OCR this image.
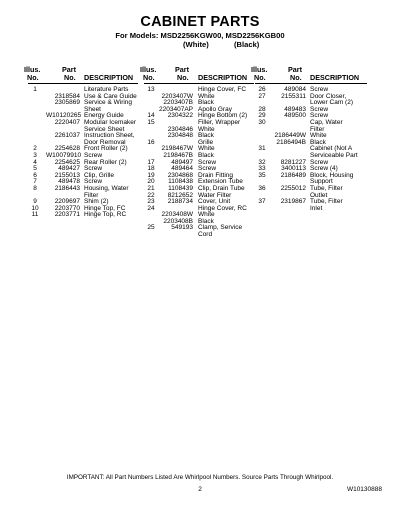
CABINET PARTS
For Models: MSD2256KGW00, MSD2256KGB00
(White)	(Black)
Illus.
No.
Part
No. DESCRIPTION
1	Literature Parts
2318584 Use & Care Guide
2305869 Service & Wiring
Sheet
W10120265 Energy Guide
2220407 Modular Icemaker
Service Sheet
2261037 Instruction Sheet,
Door Removal
2	2254628 Front Roller (2)
3	W10079910 Screw
4	2254625 Rear Roller (2)
5	489427 Screw
6	2155013 Clip, Grille
7	489478 Screw
8	2186443 Housing, Water
Filter
9	2209697 Shim (2)
10	2203770 Hinge Top, FC
11	2203771 Hinge Top, RC
Illus.
No.
Part
No. DESCRIPTION
13	Hinge Cover, FC
2203407W White
2203407B Black
2203407AP Apollo Gray
14	2304322 Hinge Bottom (2)
15	Filler, Wrapper
2304846 White
2304848 Black
16	Grille
2198467W White
2198467B Black
17	489497 Screw
18	489464 Screw
19	2304868 Drain Fitting
20	1108438 Extension Tube
21	1108439 Clip, Drain Tube
22	8212652 Water Filter
23	2188734 Cover, Unit
24	Hinge Cover, RC
2203408W White
2203408B Black
25	549193 Clamp, Service
Cord
Illus.
No.
Part
No. DESCRIPTION
26	489084 Screw
27	2155311 Door Closer,
Lower Cam (2)
28	489483 Screw
29	489500 Screw
30	Cap, Water
Filter
2186449W White
2186494B Black
31	Cabinet (Not A
Serviceable Part
32	8281227 Screw
33	3400113 Screw (4)
35	2186489 Block, Housing
Support
36	2255012 Tube, Filter
Outlet
37	2319867 Tube, Filter
Inlet
IMPORTANT: All Part Numbers Listed Are Whirlpool Numbers. Source Parts Through Whirlpool.
2	W10130888
